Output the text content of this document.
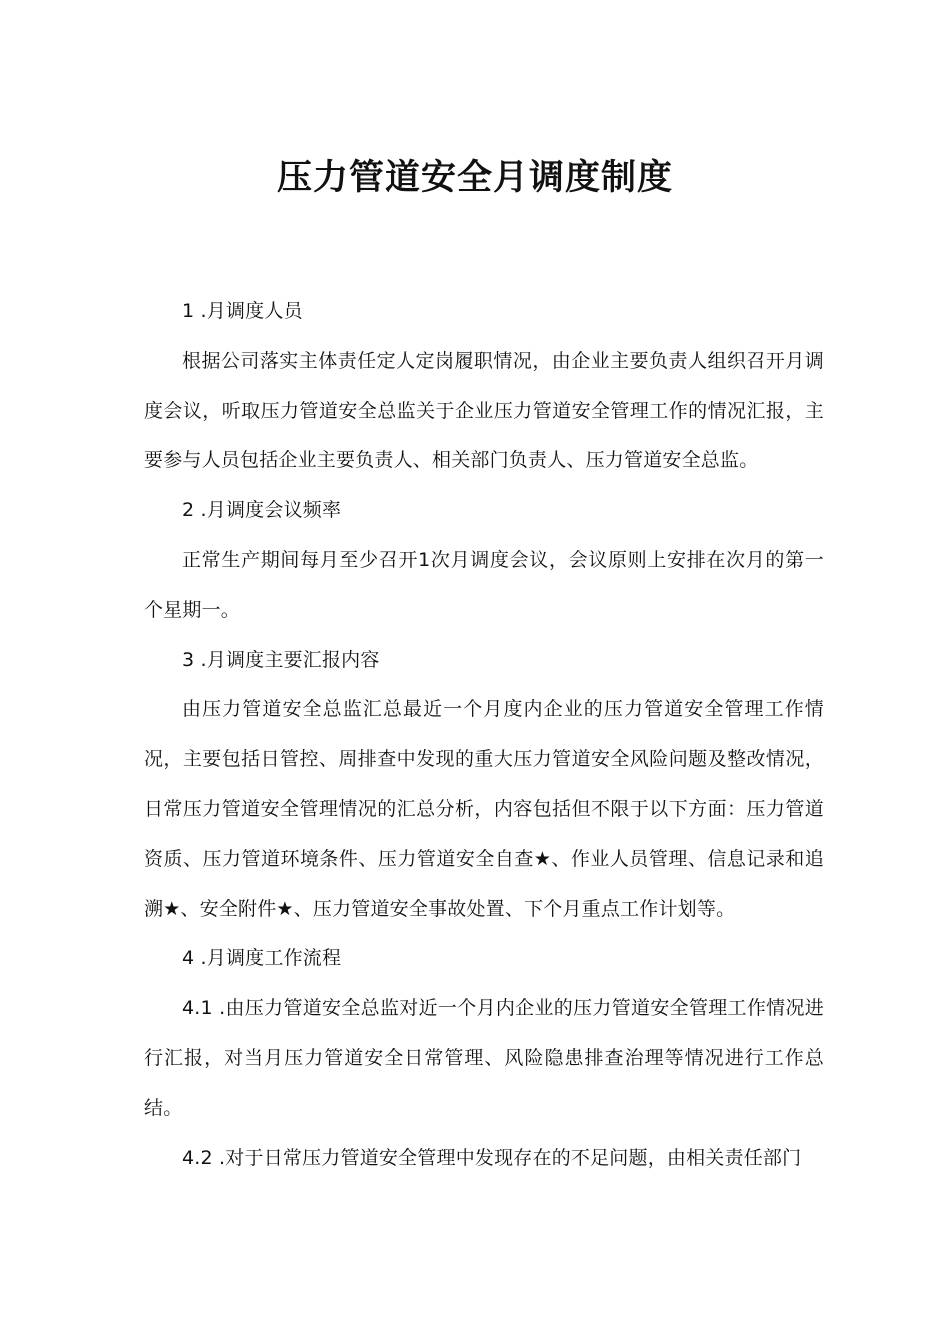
压力管道安全月调度制度

1 .月调度人员

根据公司落实主体责任定人定岗履职情况，由企业主要负责人组织召开月调度会议，听取压力管道安全总监关于企业压力管道安全管理工作的情况汇报，主要参与人员包括企业主要负责人、相关部门负责人、压力管道安全总监。

2 .月调度会议频率

正常生产期间每月至少召开1次月调度会议，会议原则上安排在次月的第一个星期一。

3 .月调度主要汇报内容

由压力管道安全总监汇总最近一个月度内企业的压力管道安全管理工作情况，主要包括日管控、周排查中发现的重大压力管道安全风险问题及整改情况，日常压力管道安全管理情况的汇总分析，内容包括但不限于以下方面：压力管道资质、压力管道环境条件、压力管道安全自查★、作业人员管理、信息记录和追溯★、安全附件★、压力管道安全事故处置、下个月重点工作计划等。

4 .月调度工作流程

4.1 .由压力管道安全总监对近一个月内企业的压力管道安全管理工作情况进行汇报，对当月压力管道安全日常管理、风险隐患排查治理等情况进行工作总结。

4.2 .对于日常压力管道安全管理中发现存在的不足问题，由相关责任部门
